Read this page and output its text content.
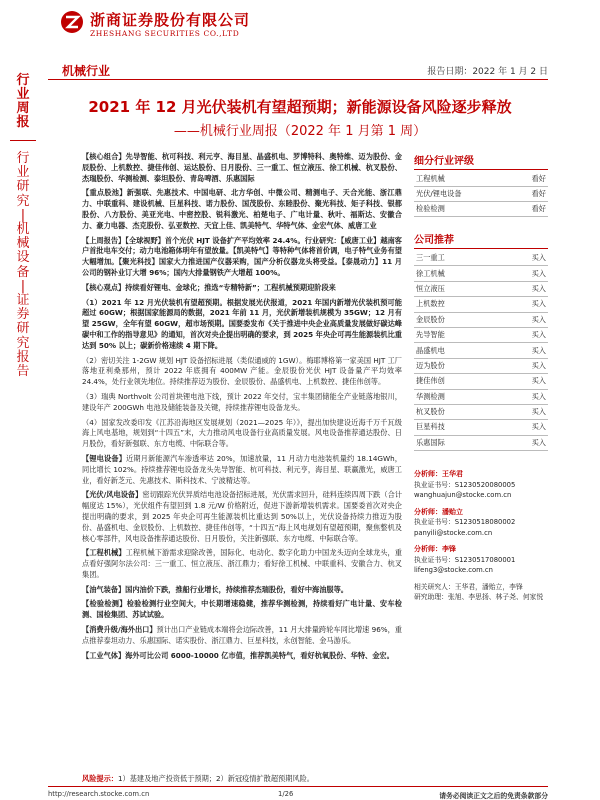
浙商证券股份有限公司
ZHESHANG SECURITIES CO.,LTD
机械行业	报告日期：2022 年 1 月 2 日
行业周报
行业研究
|
机械设备
|
证券研究报告
2021 年 12 月光伏装机有望超预期；新能源设备风险逐步释放
——机械行业周报（2022 年 1 月第 1 周）

【核心组合】先导智能、杭可科技、利元亨、海目星、晶盛机电、罗博特科、奥特维、迈为股份、金辰股份、上机数控、捷佳伟创、运达股份、日月股份、三一重工、恒立液压、徐工机械、杭叉股份、杰瑞股份、华测检测、泰坦股份、青岛啤酒、乐惠国际

【重点股池】新强联、先惠技术、中国电研、北方华创、中微公司、精测电子、天合光能、浙江鼎力、中联重科、建设机械、巨星科技、诺力股份、国茂股份、东睦股份、聚光科技、矩子科技、银都股份、八方股份、美亚光电、中密控股、锐科激光、柏楚电子、广电计量、秋叶、福斯达、安徽合力、豪力电器、杰克股份、弘亚数控、天宜上佳、凯美特气、华特气体、金宏气体、威唐工业

【上周报告】【全球视野】首个光伏 HJT 设备扩产平均效率 24.4%。行业研究：【威唐工业】越南客户首批电车交付；动力电池箱体明年有望放量。【凯美特气】等特种气体将首价调，电子特气业务有望大幅增加。【聚光科技】国家大力推进国产仪器采购，国产分析仪器龙头将受益。【泰晟动力】11 月公司的钢补业订大增 96%；国内大排量钢铁产大增超 100%。

【核心观点】持续看好锂电、金球化；推选“专精特新”；工程机械预期迎阶段来

（1）2021 年 12 月光伏装机有望超预期。根据发展光伏报道，2021 年国内新增光伏装机预可能超过 60GW；根据国家能源局的数据，2021 年前 11 月，光伏新增装机规模为 35GW；12 月有望 25GW，全年有望 60GW，超市场预期。国要委发布《关于推进中央企业高质量发展做好碳达峰碳中和工作的指导意见》的通知，首次对央企提出明确的要求，到 2025 年央企可再生能源装机比重达到 50% 以上；碳新价格速续 4 期下降。

（2）密切关注 1-2GW 规划 HJT 设备招标进展（类似通威的 1GW）。梅耶博格第一家美国 HJT 工厂落地亚利桑那州，预计 2022 年底拥有 400MW 产能。金辰股份光伏 HJT 设备量产平均效率 24.4%，处行业领先地位。持续推荐迈为股份、金辰股份、晶盛机电、上机数控、捷佳伟创等。

（3）瑞典 Northvolt 公司首块锂电池下线，预计 2022 年交付，宝丰集团储能全产业链落地银川，建设年产 200GWh 电池及储能装备及关键，持续推荐锂电设备龙头。

（4）国家发改委印发《江苏沿海地区发展规划（2021—2025 年）》，提出加快建设近海千万千瓦级海上风电基地，规划到“十四五”末，大力推动风电设备行业高质量发展。风电设备推荐通达股份、日月股份，看好新强联、东方电缆、中际联合等。

【锂电设备】近期月新能源汽车渗透率达 20%，加速放量，11 月动力电池装机量约 18.14GWh，同比增长 102%。持续推荐锂电设备龙头先导智能、杭可科技、利元亨，海目星、联赢激光，威唐工业，看好新芝元、先惠技术、斯科技术、宁波精达等。

【光伏/风电设备】密切跟踪光伏异质结电池设备招标进展，光伏需求回升，硅料连续四周下跌（合计幅度达 15%），光伏组件有望回到 1.8 元/W 价格附近，促进下游新增装机需求。国要委首次对央企提出明确的要求，到 2025 年央企可再生能源装机比重达到 50%以上，光伏设备持续力推迈为股份、晶盛机电、金辰股份、上机数控、捷佳伟创等，“十四五”海上风电规划有望超预期，聚焦整机及核心零部件，风电设备推荐通达股份、日月股份，关注新强联、东方电缆、中际联合等。

【工程机械】工程机械下游需求迎除改善，国际化、电动化、数字化助力中国龙头迈向全球龙头，重点看好强阿尔法公司：三一重工、恒立液压、浙江鼎力；看好徐工机械、中联重科、安徽合力、杭叉集团。

【油气装备】国内油价下跌，推船行业增长，持续推荐杰瑞股份，看好中海油服等。

【检验检测】检验检测行业空间大，中长期增速稳健，推荐华测检测，持续看好广电计量、安车检测、国检集团、苏试试验。

【消费升级/海外出口】预计出口产业链成本端将会边际改善，11 月大排量跨轮车同比增速 96%，重点推荐泰坦动力、乐惠国际、诺实股份、浙江鼎力、巨星科技，永创智能、金马游乐。

【工业气体】海外可比公司 6000-10000 亿市值，推荐凯美特气，看好杭氧股份、华特、金宏。

细分行业评级
工程机械	看好
光伏/锂电设备	看好
检验检测	看好
公司推荐
三一重工	买入
徐工机械	买入
恒立液压	买入
上机数控	买入
金辰股份	买入
先导智能	买入
晶盛机电	买入
迈为股份	买入
捷佳伟创	买入
华测检测	买入
杭叉股份	买入
巨星科技	买入
乐惠国际	买入
分析师：王华君
执业证书号：S1230520080005
wanghuajun@stocke.com.cn
分析师：潘贻立
执业证书号：S1230518080002
panyili@stocke.com.cn
分析师：李锋
执业证书号：S1230517080001
lifeng3@stocke.com.cn
相关研究人：王华君，潘贻立，李锋
研究助理：张旭、李思扬、林子尧、何家悦
风险提示：1）基建及地产投资低于预期；2）新冠疫情扩散超预期风险。
http://research.stocke.com.cn	1/26	请务必阅读正文之后的免责条款部分
